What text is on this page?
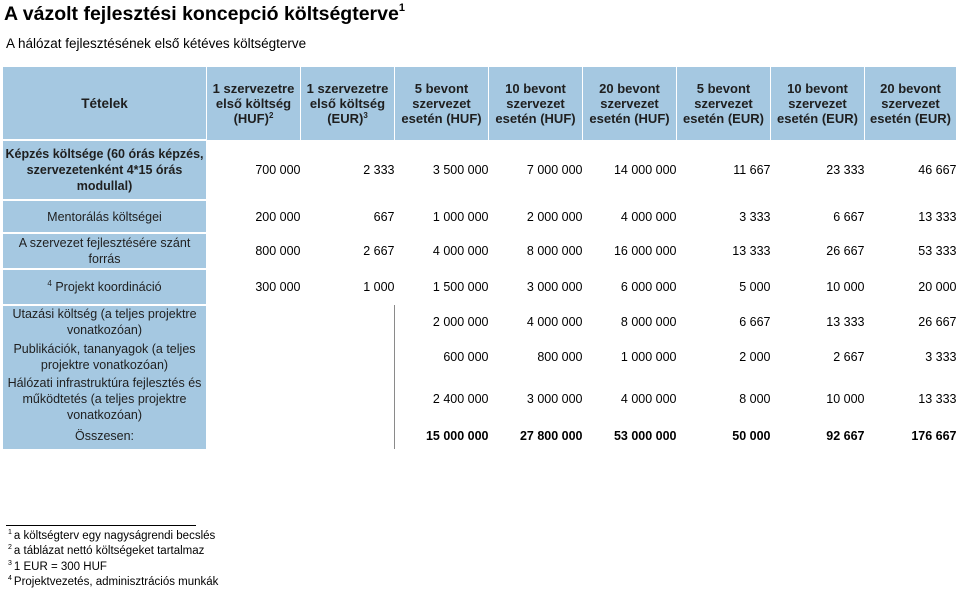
A vázolt fejlesztési koncepció költségterve$^1$
A hálózat fejlesztésének első kétéves költségterve
Tételek	1 szervezetre első költség (HUF)$^2$	1 szervezetre első költség (EUR)$^3$	5 bevont szervezet esetén (HUF)	10 bevont szervezet esetén (HUF)	20 bevont szervezet esetén (HUF)	5 bevont szervezet esetén (EUR)	10 bevont szervezet esetén (EUR)	20 bevont szervezet esetén (EUR)
Képzés költsége (60 órás képzés, szervezetenként 4*15 órás modullal)	700 000	2 333	3 500 000	7 000 000	14 000 000	11 667	23 333	46 667
Mentorálás költségei	200 000	667	1 000 000	2 000 000	4 000 000	3 333	6 667	13 333
A szervezet fejlesztésére szánt forrás	800 000	2 667	4 000 000	8 000 000	16 000 000	13 333	26 667	53 333
$^4$ Projekt koordináció	300 000	1 000	1 500 000	3 000 000	6 000 000	5 000	10 000	20 000
Utazási költség (a teljes projektre vonatkozóan)			2 000 000	4 000 000	8 000 000	6 667	13 333	26 667
Publikációk, tananyagok (a teljes projektre vonatkozóan)			600 000	800 000	1 000 000	2 000	2 667	3 333
Hálózati infrastruktúra fejlesztés és működtetés (a teljes projektre vonatkozóan)			2 400 000	3 000 000	4 000 000	8 000	10 000	13 333
Összesen:			15 000 000	27 800 000	53 000 000	50 000	92 667	176 667
$^1$ a költségterv egy nagyságrendi becslés
$^2$ a táblázat nettó költségeket tartalmaz
$^3$ 1 EUR = 300 HUF
$^4$ Projektvezetés, adminisztrációs munkák
